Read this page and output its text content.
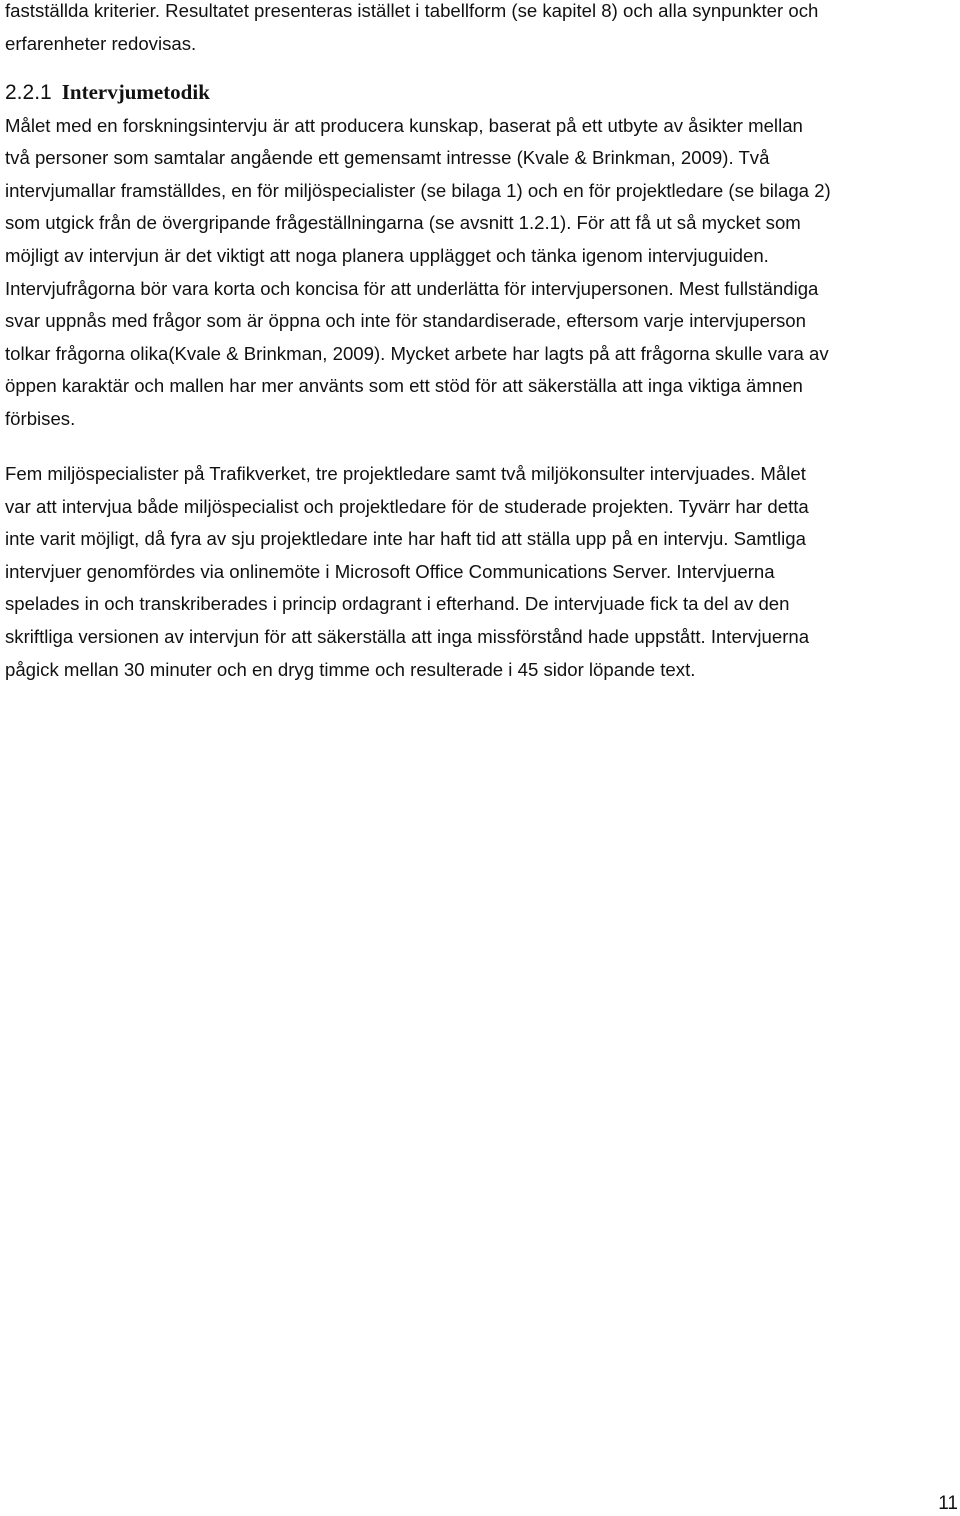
fastställda kriterier. Resultatet presenteras istället i tabellform (se kapitel 8) och alla synpunkter och
erfarenheter redovisas.

2.2.1 Intervjumetodik
Målet med en forskningsintervju är att producera kunskap, baserat på ett utbyte av åsikter mellan
två personer som samtalar angående ett gemensamt intresse (Kvale & Brinkman, 2009). Två
intervjumallar framställdes, en för miljöspecialister (se bilaga 1) och en för projektledare (se bilaga 2)
som utgick från de övergripande frågeställningarna (se avsnitt 1.2.1). För att få ut så mycket som
möjligt av intervjun är det viktigt att noga planera upplägget och tänka igenom intervjuguiden.
Intervjufrågorna bör vara korta och koncisa för att underlätta för intervjupersonen. Mest fullständiga
svar uppnås med frågor som är öppna och inte för standardiserade, eftersom varje intervjuperson
tolkar frågorna olika(Kvale & Brinkman, 2009). Mycket arbete har lagts på att frågorna skulle vara av
öppen karaktär och mallen har mer använts som ett stöd för att säkerställa att inga viktiga ämnen
förbises.

Fem miljöspecialister på Trafikverket, tre projektledare samt två miljökonsulter intervjuades. Målet
var att intervjua både miljöspecialist och projektledare för de studerade projekten. Tyvärr har detta
inte varit möjligt, då fyra av sju projektledare inte har haft tid att ställa upp på en intervju. Samtliga
intervjuer genomfördes via onlinemöte i Microsoft Office Communications Server. Intervjuerna
spelades in och transkriberades i princip ordagrant i efterhand. De intervjuade fick ta del av den
skriftliga versionen av intervjun för att säkerställa att inga missförstånd hade uppstått. Intervjuerna
pågick mellan 30 minuter och en dryg timme och resulterade i 45 sidor löpande text.

11
